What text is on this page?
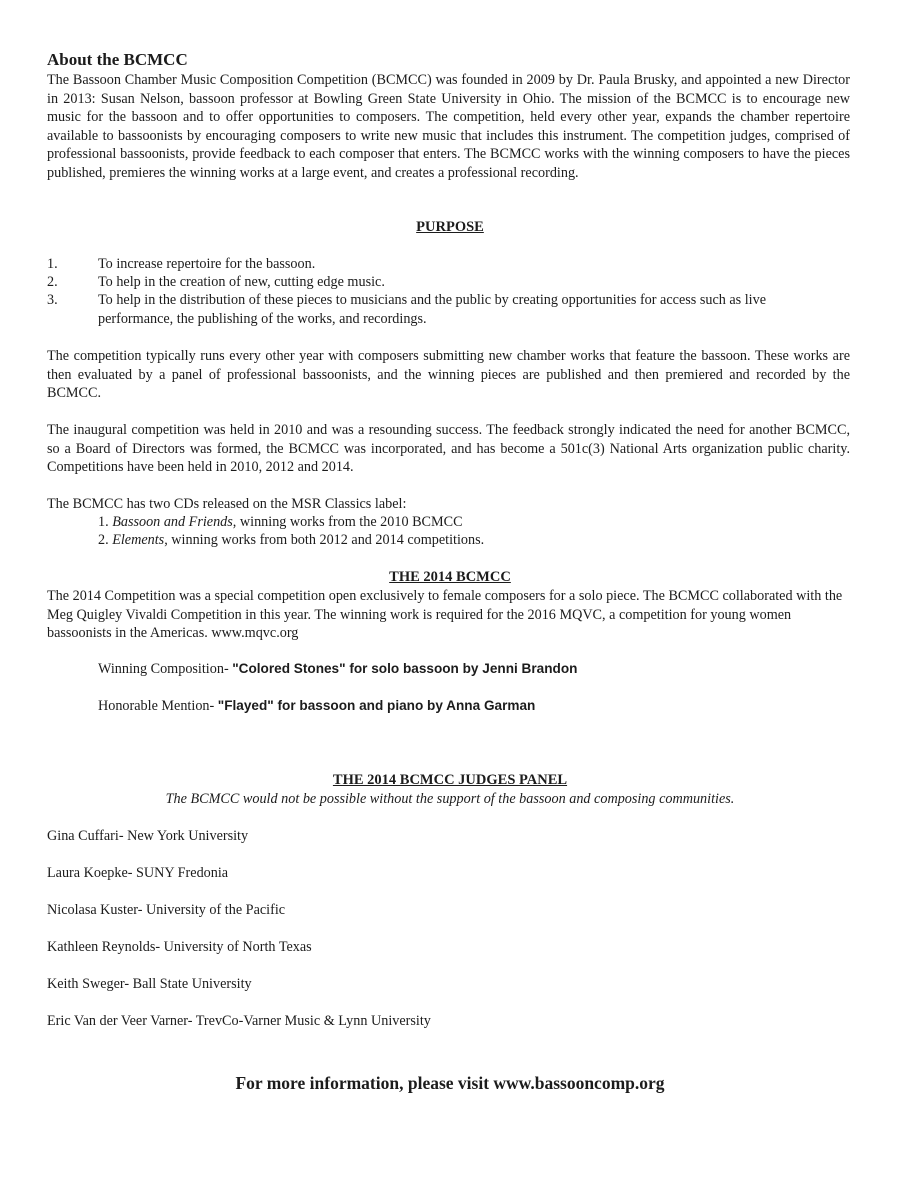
About the BCMCC
The Bassoon Chamber Music Composition Competition (BCMCC) was founded in 2009 by Dr. Paula Brusky, and appointed a new Director in 2013: Susan Nelson, bassoon professor at Bowling Green State University in Ohio. The mission of the BCMCC is to encourage new music for the bassoon and to offer opportunities to composers. The competition, held every other year, expands the chamber repertoire available to bassoonists by encouraging composers to write new music that includes this instrument. The competition judges, comprised of professional bassoonists, provide feedback to each composer that enters. The BCMCC works with the winning composers to have the pieces published, premieres the winning works at a large event, and creates a professional recording.
PURPOSE
1.	To increase repertoire for the bassoon.
2.	To help in the creation of new, cutting edge music.
3.	To help in the distribution of these pieces to musicians and the public by creating opportunities for access such as live performance, the publishing of the works, and recordings.
The competition typically runs every other year with composers submitting new chamber works that feature the bassoon. These works are then evaluated by a panel of professional bassoonists, and the winning pieces are published and then premiered and recorded by the BCMCC.
The inaugural competition was held in 2010 and was a resounding success. The feedback strongly indicated the need for another BCMCC, so a Board of Directors was formed, the BCMCC was incorporated, and has become a 501c(3) National Arts organization public charity. Competitions have been held in 2010, 2012 and 2014.
The BCMCC has two CDs released on the MSR Classics label:
1. Bassoon and Friends, winning works from the 2010 BCMCC
2. Elements, winning works from both 2012 and 2014 competitions.
THE 2014 BCMCC
The 2014 Competition was a special competition open exclusively to female composers for a solo piece. The BCMCC collaborated with the Meg Quigley Vivaldi Competition in this year. The winning work is required for the 2016 MQVC, a competition for young women bassoonists in the Americas. www.mqvc.org
Winning Composition- "Colored Stones" for solo bassoon by Jenni Brandon
Honorable Mention- "Flayed" for bassoon and piano by Anna Garman
THE 2014 BCMCC JUDGES PANEL
The BCMCC would not be possible without the support of the bassoon and composing communities.
Gina Cuffari- New York University
Laura Koepke- SUNY Fredonia
Nicolasa Kuster- University of the Pacific
Kathleen Reynolds- University of North Texas
Keith Sweger- Ball State University
Eric Van der Veer Varner- TrevCo-Varner Music & Lynn University
For more information, please visit www.bassooncomp.org
